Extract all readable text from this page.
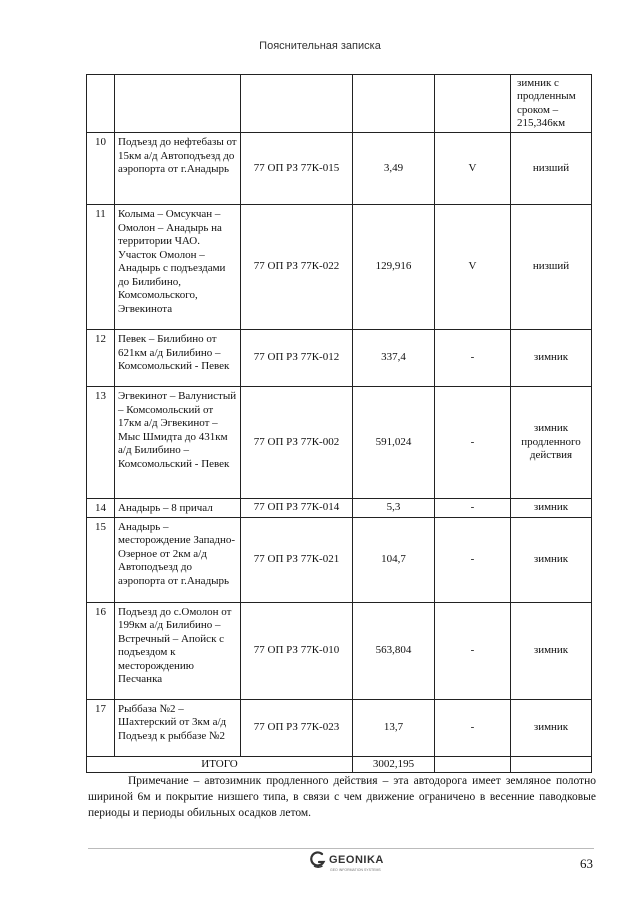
Пояснительная записка
					зимник с продленным сроком – 215,346км
10	Подъезд до нефтебазы от 15км а/д Автоподъезд до аэропорта от г.Анадырь	77 ОП РЗ 77К-015	3,49	V	низший
11	Колыма – Омсукчан – Омолон – Анадырь на территории ЧАО. Участок Омолон – Анадырь с подъездами до Билибино, Комсомольского, Эгвекинота	77 ОП РЗ 77К-022	129,916	V	низший
12	Певек – Билибино от 621км а/д Билибино – Комсомольский - Певек	77 ОП РЗ 77К-012	337,4	-	зимник
13	Эгвекинот – Валунистый – Комсомольский от 17км а/д Эгвекинот – Мыс Шмидта до 431км а/д Билибино – Комсомольский - Певек	77 ОП РЗ 77К-002	591,024	-	зимник продленного действия
14	Анадырь – 8 причал	77 ОП РЗ 77К-014	5,3	-	зимник
15	Анадырь – месторождение Западно-Озерное от 2км а/д Автоподъезд до аэропорта от г.Анадырь	77 ОП РЗ 77К-021	104,7	-	зимник
16	Подъезд до с.Омолон от 199км а/д Билибино – Встречный – Апойск с подъездом к месторождению Песчанка	77 ОП РЗ 77К-010	563,804	-	зимник
17	Рыббаза №2 – Шахтерский от 3км а/д Подъезд к рыббазе №2	77 ОП РЗ 77К-023	13,7	-	зимник
ИТОГО			3002,195		

Примечание – автозимник продленного действия – эта автодорога имеет земляное полотно шириной 6м и покрытие низшего типа, в связи с чем движение ограничено в весенние паводковые периоды и периоды обильных осадков летом.

GEONIKA
GEO INFORMATION SYSTEMS	63
